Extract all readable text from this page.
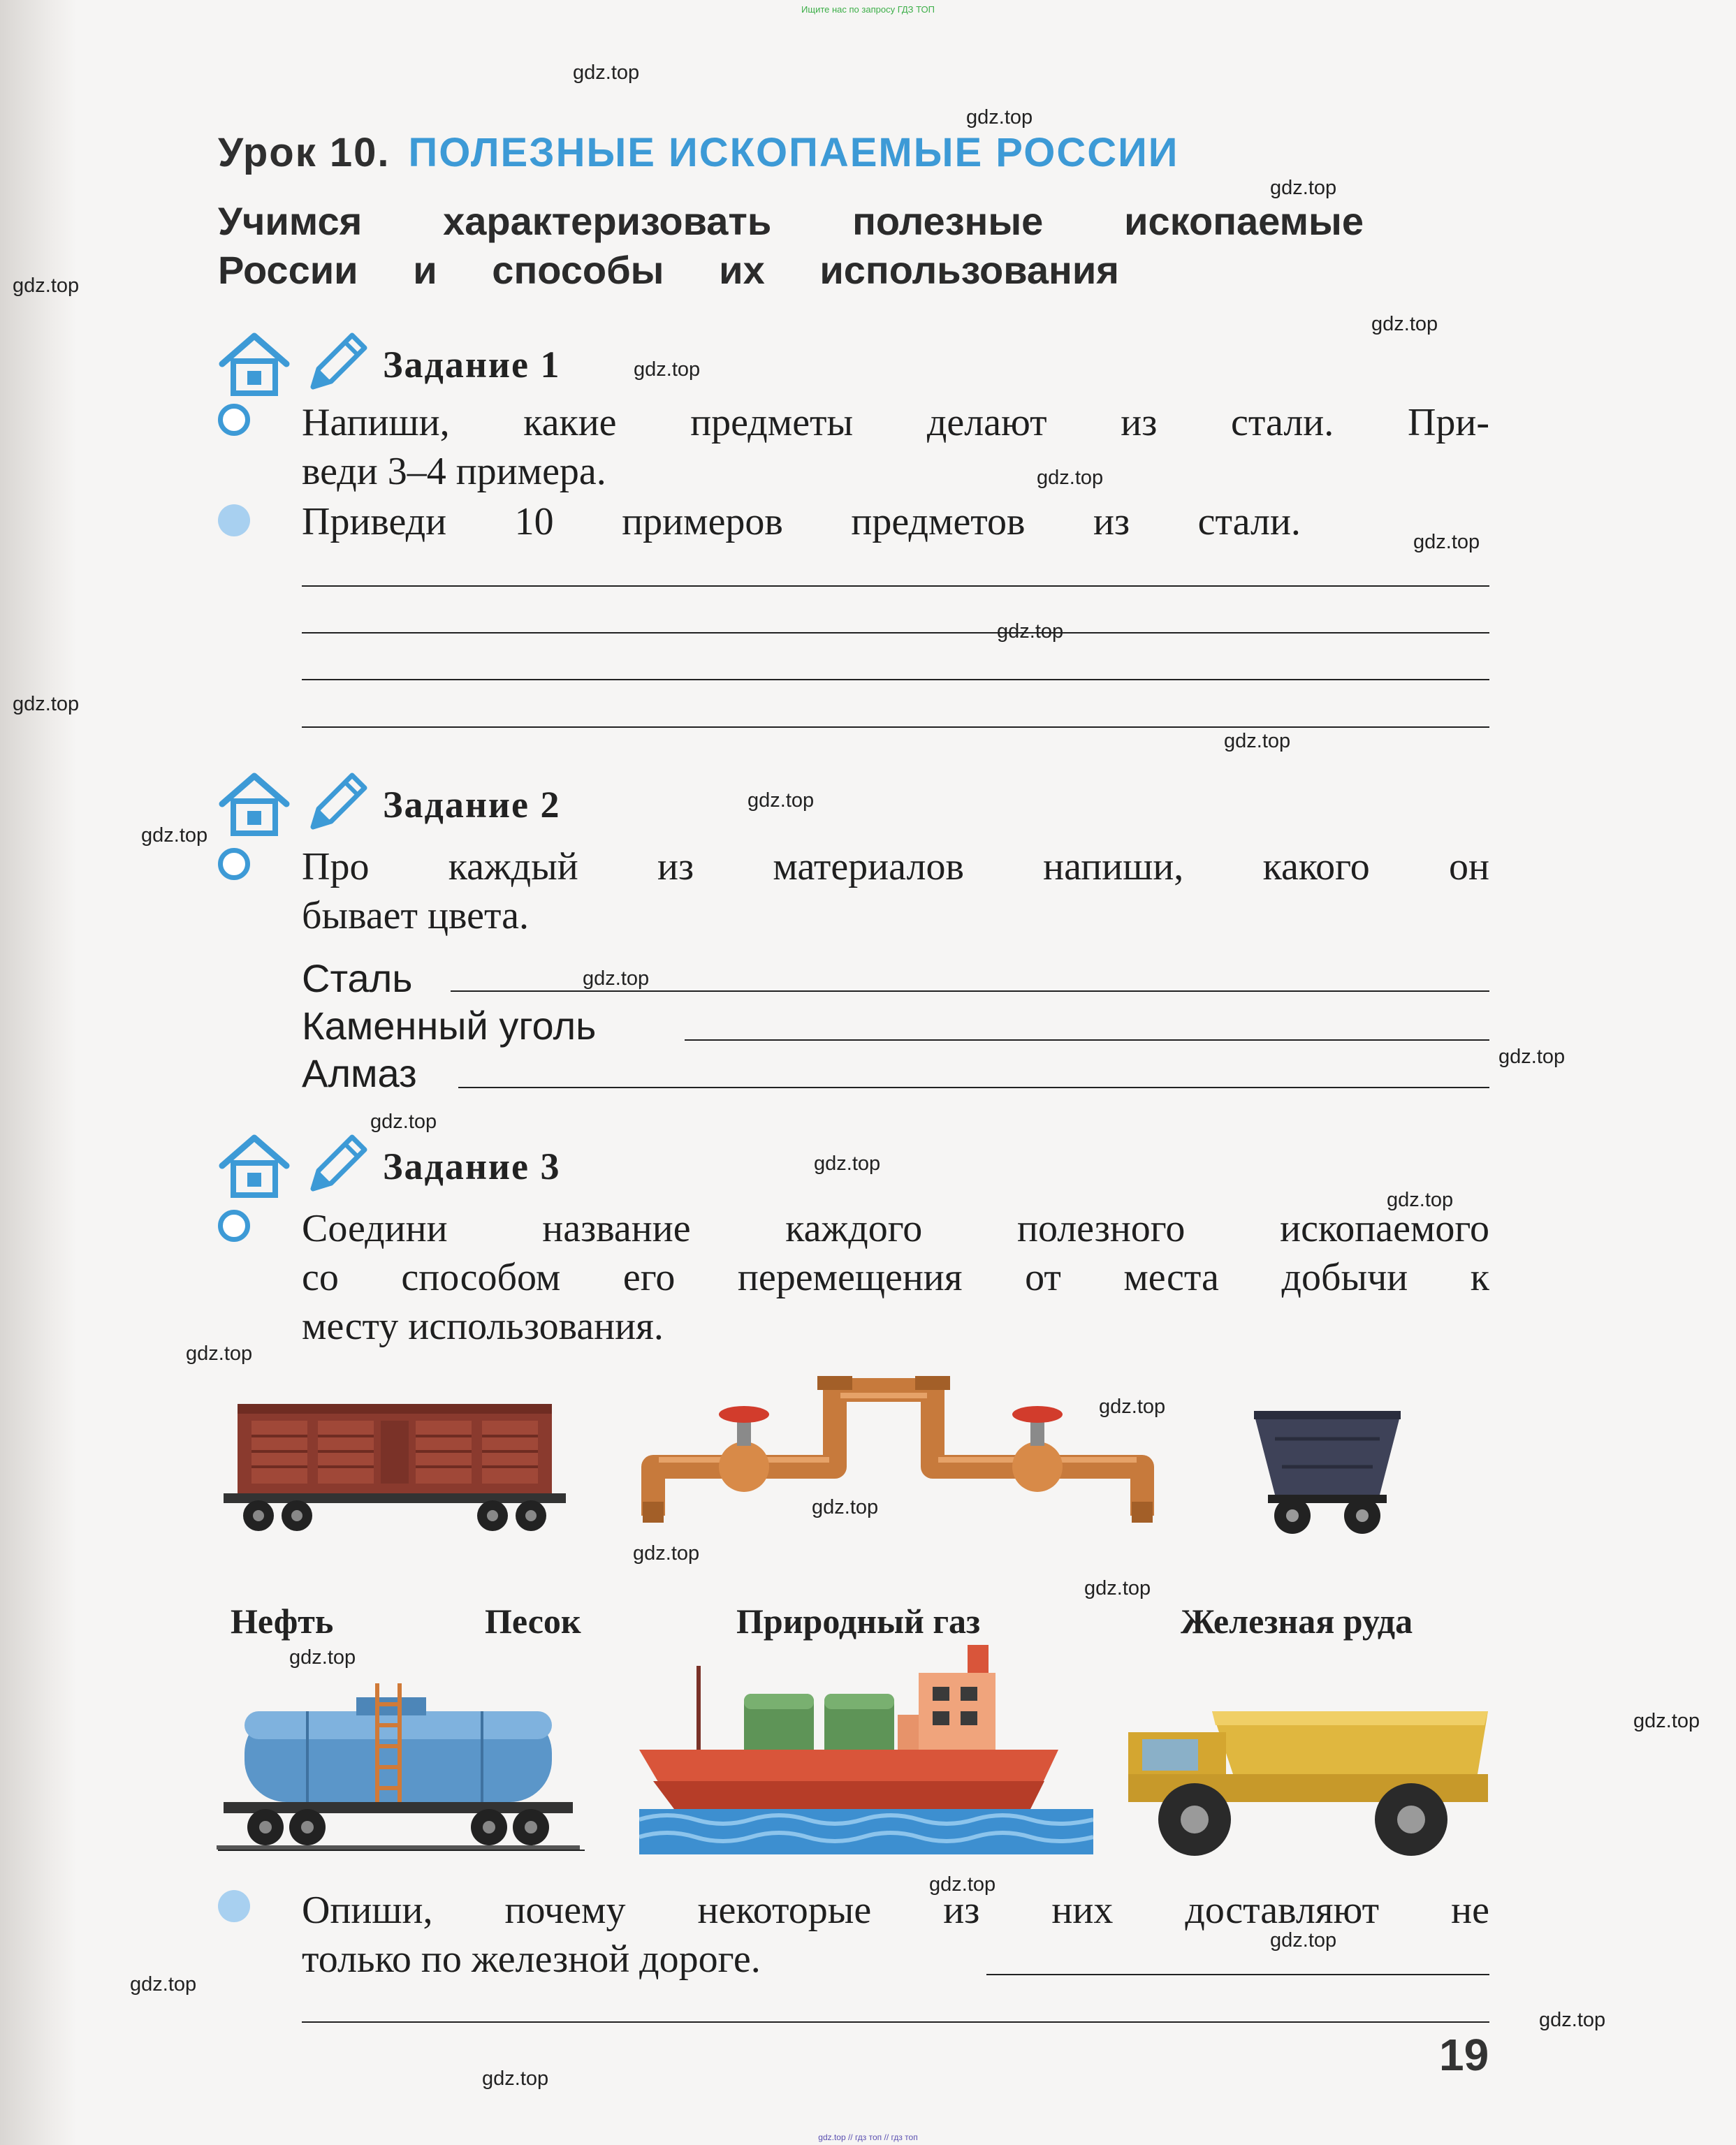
Ищите нас по запросу ГДЗ ТОП
Урок 10. ПОЛЕЗНЫЕ ИСКОПАЕМЫЕ РОССИИ
Учимся характеризовать полезные ископаемые
России и способы их использования
Задание 1
Напиши, какие предметы делают из стали. При-
веди 3–4 примера.
Приведи 10 примеров предметов из стали.
Задание 2
Про каждый из материалов напиши, какого он
бывает цвета.
Сталь
Каменный уголь
Алмаз
Задание 3
Соедини название каждого полезного ископаемого
со способом его перемещения от места добычи к
месту использования.
Нефть	Песок	Природный газ	Железная руда
Опиши, почему некоторые из них доставляют не
только по железной дороге.
19
gdz.top
gdz.top
gdz.top
gdz.top
gdz.top
gdz.top
gdz.top
gdz.top
gdz.top
gdz.top
gdz.top
gdz.top
gdz.top
gdz.top
gdz.top
gdz.top
gdz.top
gdz.top
gdz.top
gdz.top
gdz.top
gdz.top
gdz.top
gdz.top
gdz.top
gdz.top
gdz.top
gdz.top
gdz.top
gdz.top
gdz.top // гдз топ // гдз топ
